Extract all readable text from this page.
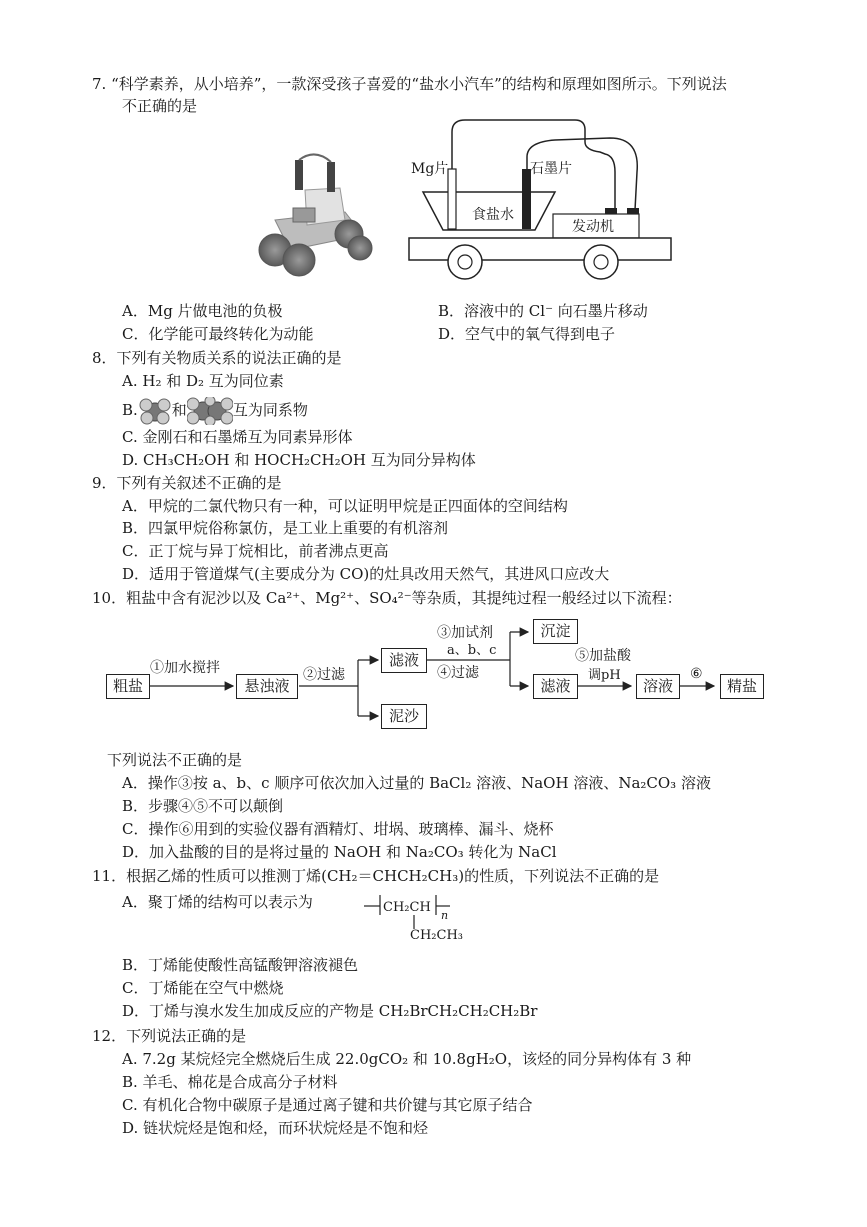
7. “科学素养，从小培养”，一款深受孩子喜爱的“盐水小汽车”的结构和原理如图所示。下列说法
不正确的是
Mg片	石墨片
食盐水
发动机
A．Mg 片做电池的负极	B．溶液中的 Cl⁻ 向石墨片移动
C．化学能可最终转化为动能	D．空气中的氧气得到电子
8．下列有关物质关系的说法正确的是
A. H₂ 和 D₂ 互为同位素
B. 和	互为同系物
C. 金刚石和石墨烯互为同素异形体
D. CH₃CH₂OH 和 HOCH₂CH₂OH 互为同分异构体
9．下列有关叙述不正确的是
A．甲烷的二氯代物只有一种，可以证明甲烷是正四面体的空间结构
B．四氯甲烷俗称氯仿，是工业上重要的有机溶剂
C．正丁烷与异丁烷相比，前者沸点更高
D．适用于管道煤气(主要成分为 CO)的灶具改用天然气，其进风口应改大
10．粗盐中含有泥沙以及 Ca²⁺、Mg²⁺、SO₄²⁻等杂质，其提纯过程一般经过以下流程：
粗盐
①加水搅拌
悬浊液
②过滤
滤液
泥沙
③加试剂
a、b、c
④过滤
沉淀
滤液
⑤加盐酸
调pH
溶液
⑥
精盐
下列说法不正确的是
A．操作③按 a、b、c 顺序可依次加入过量的 BaCl₂ 溶液、NaOH 溶液、Na₂CO₃ 溶液
B．步骤④⑤不可以颠倒
C．操作⑥用到的实验仪器有酒精灯、坩埚、玻璃棒、漏斗、烧杯
D．加入盐酸的目的是将过量的 NaOH 和 Na₂CO₃ 转化为 NaCl
11．根据乙烯的性质可以推测丁烯(CH₂＝CHCH₂CH₃)的性质，下列说法不正确的是
A．聚丁烯的结构可以表示为	CH₂CH
n
CH₂CH₃
B．丁烯能使酸性高锰酸钾溶液褪色
C．丁烯能在空气中燃烧
D．丁烯与溴水发生加成反应的产物是 CH₂BrCH₂CH₂CH₂Br
12．下列说法正确的是
A. 7.2g 某烷烃完全燃烧后生成 22.0gCO₂ 和 10.8gH₂O，该烃的同分异构体有 3 种
B. 羊毛、棉花是合成高分子材料
C. 有机化合物中碳原子是通过离子键和共价键与其它原子结合
D. 链状烷烃是饱和烃，而环状烷烃是不饱和烃
